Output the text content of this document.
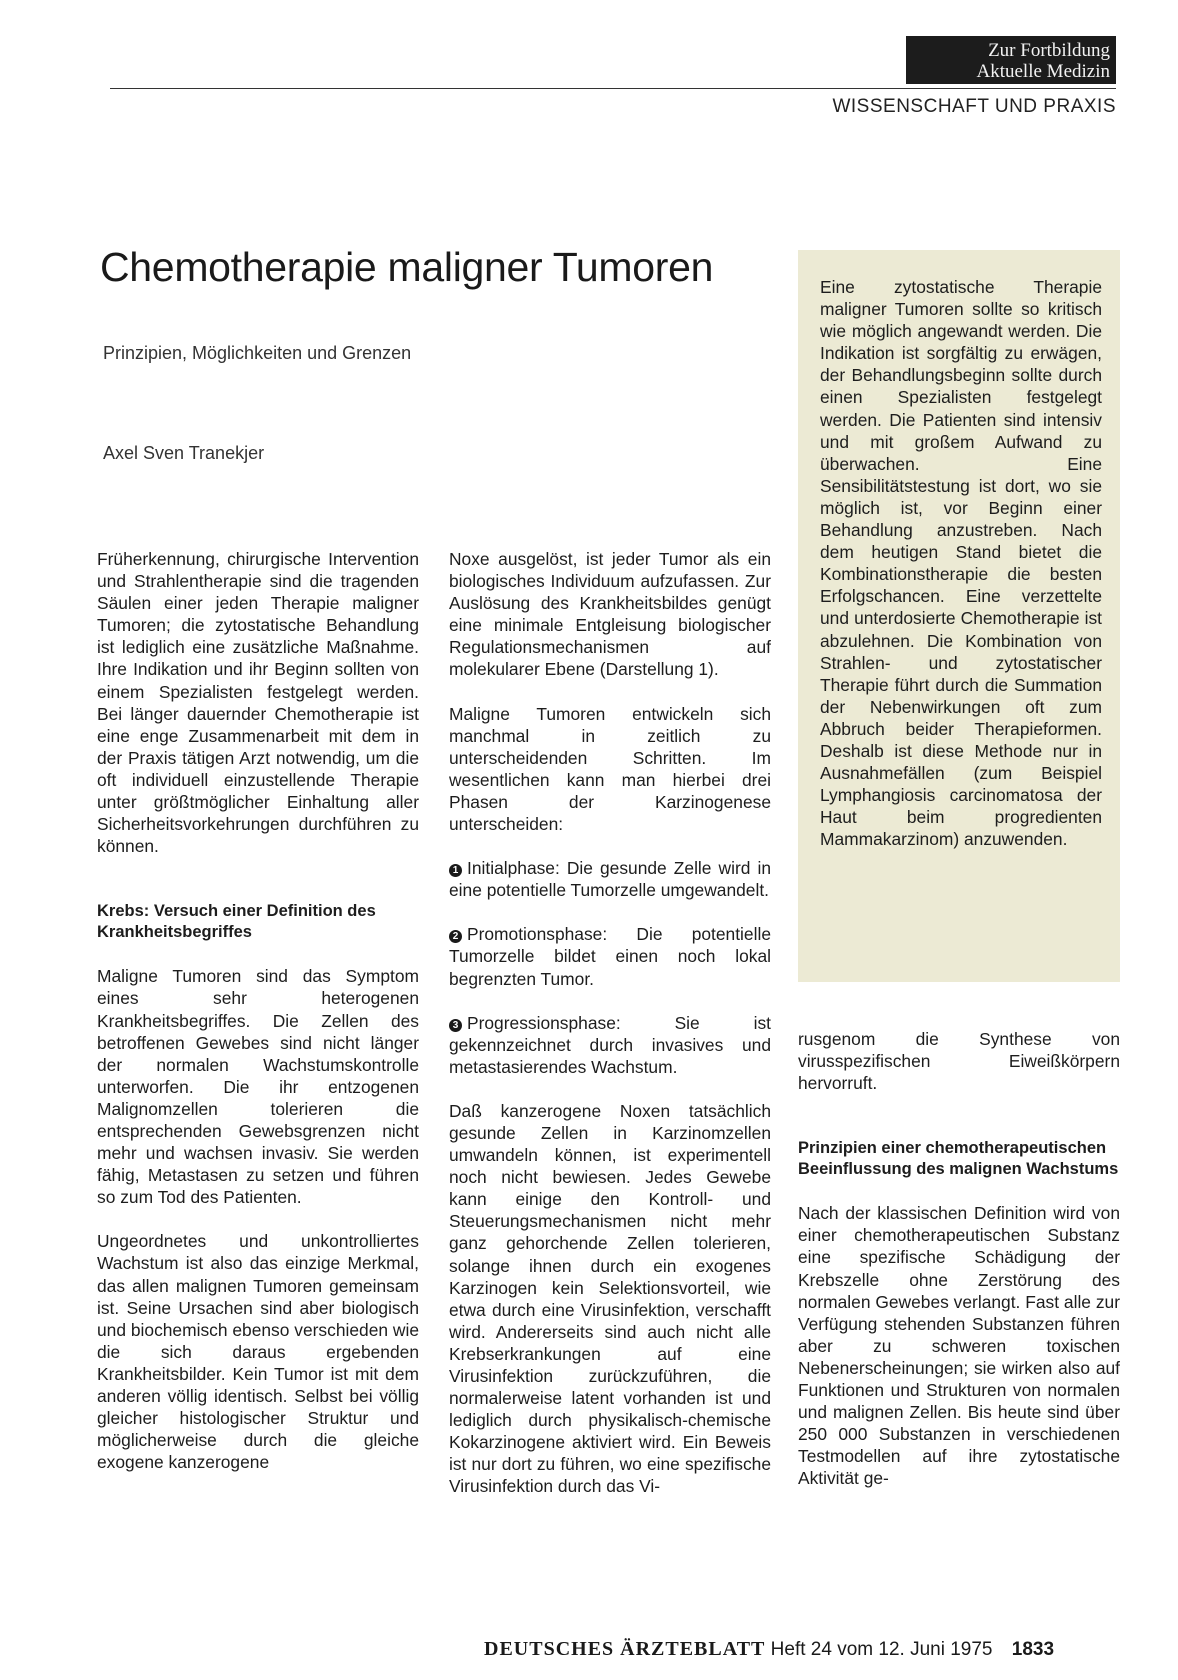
Zur Fortbildung
Aktuelle Medizin
WISSENSCHAFT UND PRAXIS
Chemotherapie maligner Tumoren
Prinzipien, Möglichkeiten und Grenzen
Axel Sven Tranekjer
Eine zytostatische Therapie maligner Tumoren sollte so kritisch wie möglich angewandt werden. Die Indikation ist sorgfältig zu erwägen, der Behandlungsbeginn sollte durch einen Spezialisten festgelegt werden. Die Patienten sind intensiv und mit großem Aufwand zu überwachen. Eine Sensibilitätstestung ist dort, wo sie möglich ist, vor Beginn einer Behandlung anzustreben. Nach dem heutigen Stand bietet die Kombinationstherapie die besten Erfolgschancen. Eine verzettelte und unterdosierte Chemotherapie ist abzulehnen. Die Kombination von Strahlen- und zytostatischer Therapie führt durch die Summation der Nebenwirkungen oft zum Abbruch beider Therapieformen. Deshalb ist diese Methode nur in Ausnahmefällen (zum Beispiel Lymphangiosis carcinomatosa der Haut beim progredienten Mammakarzinom) anzuwenden.

Früherkennung, chirurgische Intervention und Strahlentherapie sind die tragenden Säulen einer jeden Therapie maligner Tumoren; die zytostatische Behandlung ist lediglich eine zusätzliche Maßnahme. Ihre Indikation und ihr Beginn sollten von einem Spezialisten festgelegt werden. Bei länger dauernder Chemotherapie ist eine enge Zusammenarbeit mit dem in der Praxis tätigen Arzt notwendig, um die oft individuell einzustellende Therapie unter größtmöglicher Einhaltung aller Sicherheitsvorkehrungen durchführen zu können.

Krebs: Versuch einer Definition des Krankheitsbegriffes

Maligne Tumoren sind das Symptom eines sehr heterogenen Krankheitsbegriffes. Die Zellen des betroffenen Gewebes sind nicht länger der normalen Wachstumskontrolle unterworfen. Die ihr entzogenen Malignomzellen tolerieren die entsprechenden Gewebsgrenzen nicht mehr und wachsen invasiv. Sie werden fähig, Metastasen zu setzen und führen so zum Tod des Patienten.

Ungeordnetes und unkontrolliertes Wachstum ist also das einzige Merkmal, das allen malignen Tumoren gemeinsam ist. Seine Ursachen sind aber biologisch und biochemisch ebenso verschieden wie die sich daraus ergebenden Krankheitsbilder. Kein Tumor ist mit dem anderen völlig identisch. Selbst bei völlig gleicher histologischer Struktur und möglicherweise durch die gleiche exogene kanzerogene

Noxe ausgelöst, ist jeder Tumor als ein biologisches Individuum aufzufassen. Zur Auslösung des Krankheitsbildes genügt eine minimale Entgleisung biologischer Regulationsmechanismen auf molekularer Ebene (Darstellung 1).

Maligne Tumoren entwickeln sich manchmal in zeitlich zu unterscheidenden Schritten. Im wesentlichen kann man hierbei drei Phasen der Karzinogenese unterscheiden:

1 Initialphase: Die gesunde Zelle wird in eine potentielle Tumorzelle umgewandelt.

2 Promotionsphase: Die potentielle Tumorzelle bildet einen noch lokal begrenzten Tumor.

3 Progressionsphase: Sie ist gekennzeichnet durch invasives und metastasierendes Wachstum.

Daß kanzerogene Noxen tatsächlich gesunde Zellen in Karzinomzellen umwandeln können, ist experimentell noch nicht bewiesen. Jedes Gewebe kann einige den Kontroll- und Steuerungsmechanismen nicht mehr ganz gehorchende Zellen tolerieren, solange ihnen durch ein exogenes Karzinogen kein Selektionsvorteil, wie etwa durch eine Virusinfektion, verschafft wird. Andererseits sind auch nicht alle Krebserkrankungen auf eine Virusinfektion zurückzuführen, die normalerweise latent vorhanden ist und lediglich durch physikalisch-chemische Kokarzinogene aktiviert wird. Ein Beweis ist nur dort zu führen, wo eine spezifische Virusinfektion durch das Vi-

rusgenom die Synthese von virusspezifischen Eiweißkörpern hervorruft.

Prinzipien einer chemotherapeutischen Beeinflussung des malignen Wachstums

Nach der klassischen Definition wird von einer chemotherapeutischen Substanz eine spezifische Schädigung der Krebszelle ohne Zerstörung des normalen Gewebes verlangt. Fast alle zur Verfügung stehenden Substanzen führen aber zu schweren toxischen Nebenerscheinungen; sie wirken also auf Funktionen und Strukturen von normalen und malignen Zellen. Bis heute sind über 250 000 Substanzen in verschiedenen Testmodellen auf ihre zytostatische Aktivität ge-

DEUTSCHES ÄRZTEBLATT Heft 24 vom 12. Juni 1975 1833
